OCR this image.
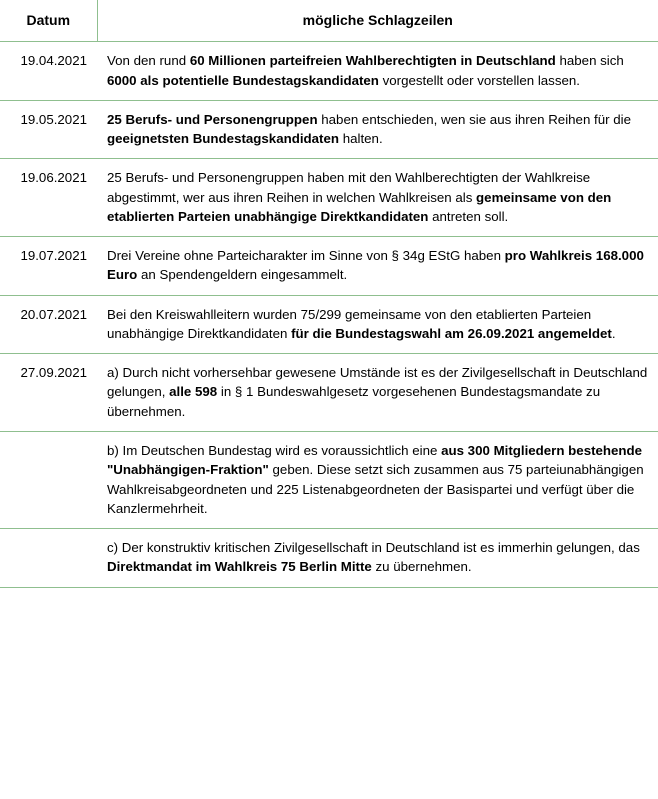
Datum	mögliche Schlagzeilen
19.04.2021	Von den rund 60 Millionen parteifreien Wahlberechtigten in Deutschland haben sich 6000 als potentielle Bundestagskandidaten vorgestellt oder vorstellen lassen.

19.05.2021	25 Berufs- und Personengruppen haben entschieden, wen sie aus ihren Reihen für die geeignetsten Bundestagskandidaten halten.

19.06.2021	25 Berufs- und Personengruppen haben mit den Wahlberechtigten der Wahlkreise abgestimmt, wer aus ihren Reihen in welchen Wahlkreisen als gemeinsame von den etablierten Parteien unabhängige Direktkandidaten antreten soll.

19.07.2021	Drei Vereine ohne Parteicharakter im Sinne von § 34g EStG haben pro Wahlkreis 168.000 Euro an Spendengeldern eingesammelt.

20.07.2021	Bei den Kreiswahlleitern wurden 75/299 gemeinsame von den etablierten Parteien unabhängige Direktkandidaten für die Bundestagswahl am 26.09.2021 angemeldet.

27.09.2021	a) Durch nicht vorhersehbar gewesene Umstände ist es der Zivilgesellschaft in Deutschland gelungen, alle 598 in § 1 Bundeswahlgesetz vorgesehenen Bundestagsmandate zu übernehmen.

	b) Im Deutschen Bundestag wird es voraussichtlich eine aus 300 Mitgliedern bestehende "Unabhängigen-Fraktion" geben. Diese setzt sich zusammen aus 75 parteiunabhängigen Wahlkreisabgeordneten und 225 Listenabgeordneten der Basispartei und verfügt über die Kanzlermehrheit.

	c) Der konstruktiv kritischen Zivilgesellschaft in Deutschland ist es immerhin gelungen, das Direktmandat im Wahlkreis 75 Berlin Mitte zu übernehmen.
